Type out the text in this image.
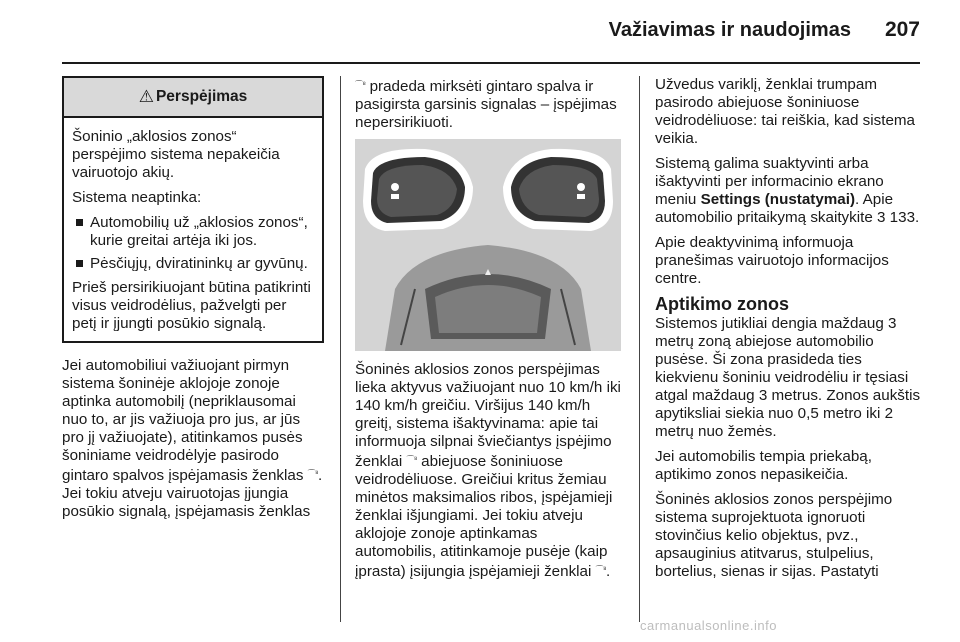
Važiavimas ir naudojimas 207
⚠ Perspėjimas

Šoninio „aklosios zonos“ perspėjimo sistema nepakeičia vairuotojo akių.

Sistema neaptinka:

Automobilių už „aklosios zonos“, kurie greitai artėja iki jos.
Pėsčiųjų, dviratininkų ar gyvūnų.

Prieš persirikiuojant būtina patikrinti visus veidrodėlius, pažvelgti per petį ir įjungti posūkio signalą.

Jei automobiliui važiuojant pirmyn sistema šoninėje aklojoje zonoje aptinka automobilį (nepriklausomai nuo to, ar jis važiuoja pro jus, ar jūs pro jį važiuojate), atitinkamos pusės šoniniame veidrodėlyje pasirodo gintaro spalvos įspėjamasis ženklas $^{⌒^8}$. Jei tokiu atveju vairuotojas įjungia posūkio signalą, įspėjamasis ženklas

$^{⌒^8}$ pradeda mirksėti gintaro spalva ir pasigirsta garsinis signalas – įspėjimas nepersirikiuoti.

Šoninės aklosios zonos perspėjimas lieka aktyvus važiuojant nuo 10 km/h iki 140 km/h greičiu. Viršijus 140 km/h greitį, sistema išaktyvinama: apie tai informuoja silpnai šviečiantys įspėjimo ženklai $^{⌒^8}$ abiejuose šoniniuose veidrodėliuose. Greičiui kritus žemiau minėtos maksimalios ribos, įspėjamieji ženklai išjungiami. Jei tokiu atveju aklojoje zonoje aptinkamas automobilis, atitinkamoje pusėje (kaip įprasta) įsijungia įspėjamieji ženklai $^{⌒^8}$.

Užvedus variklį, ženklai trumpam pasirodo abiejuose šoniniuose veidrodėliuose: tai reiškia, kad sistema veikia.

Sistemą galima suaktyvinti arba išaktyvinti per informacinio ekrano meniu Settings (nustatymai). Apie automobilio pritaikymą skaitykite 3 133.

Apie deaktyvinimą informuoja pranešimas vairuotojo informacijos centre.

Aptikimo zonos

Sistemos jutikliai dengia maždaug 3 metrų zoną abiejose automobilio pusėse. Ši zona prasideda ties kiekvienu šoniniu veidrodėliu ir tęsiasi atgal maždaug 3 metrus. Zonos aukštis apytiksliai siekia nuo 0,5 metro iki 2 metrų nuo žemės.

Jei automobilis tempia priekabą, aptikimo zonos nepasikeičia.

Šoninės aklosios zonos perspėjimo sistema suprojektuota ignoruoti stovinčius kelio objektus, pvz., apsauginius atitvarus, stulpelius, bortelius, sienas ir sijas. Pastatyti

carmanualsonline.info
